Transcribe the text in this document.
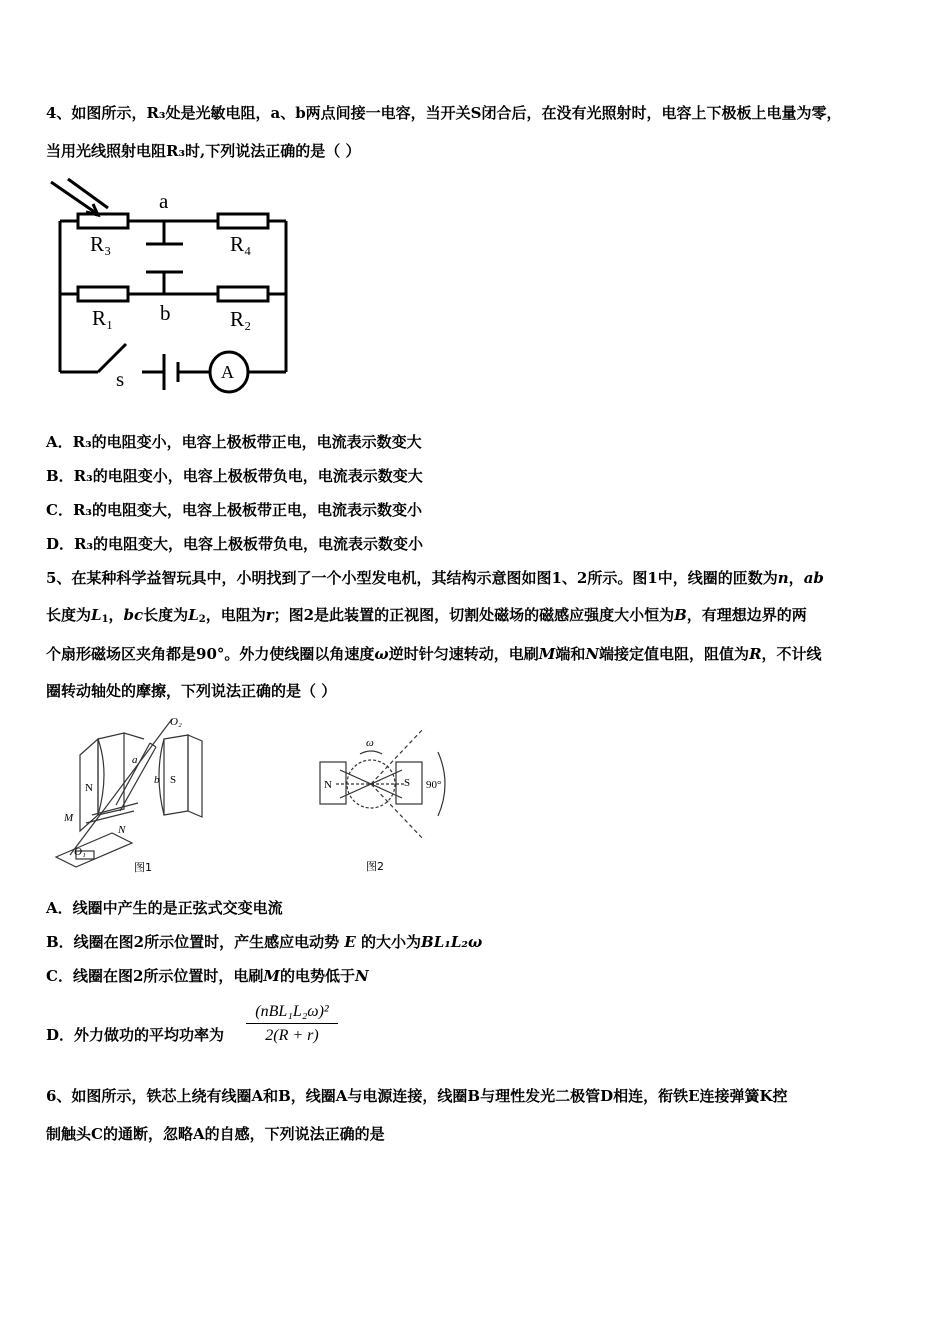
4、如图所示，R₃处是光敏电阻，a、b两点间接一电容，当开关S闭合后，在没有光照射时，电容上下极板上电量为零，
当用光线照射电阻R₃时,下列说法正确的是（ ）
a
R₃	R₄
b
R₁	R₂
s	A
A．R₃的电阻变小，电容上极板带正电，电流表示数变大
B．R₃的电阻变小，电容上极板带负电，电流表示数变大
C．R₃的电阻变大，电容上极板带正电，电流表示数变小
D．R₃的电阻变大，电容上极板带负电，电流表示数变小
5、在某种科学益智玩具中，小明找到了一个小型发电机，其结构示意图如图1、2所示。图1中，线圈的匝数为n，ab
长度为$L_1$，bc长度为$L_2$，电阻为r；图2是此装置的正视图，切割处磁场的磁感应强度大小恒为B，有理想边界的两
个扇形磁场区夹角都是90°。外力使线圈以角速度ω逆时针匀速转动，电刷M端和N端接定值电阻，阻值为R，不计线
圈转动轴处的摩擦，下列说法正确的是（ ）
O₂
O₁
N
S
M
N
a
b
图1
N	S
ω
90°
图2
A．线圈中产生的是正弦式交变电流
B．线圈在图2所示位置时，产生感应电动势 E 的大小为BL₁L₂ω
C．线圈在图2所示位置时，电刷M的电势低于N
D．外力做功的平均功率为
(nBL₁L₂ω)²
2(R + r)
6、如图所示，铁芯上绕有线圈A和B，线圈A与电源连接，线圈B与理性发光二极管D相连，衔铁E连接弹簧K控
制触头C的通断，忽略A的自感，下列说法正确的是
